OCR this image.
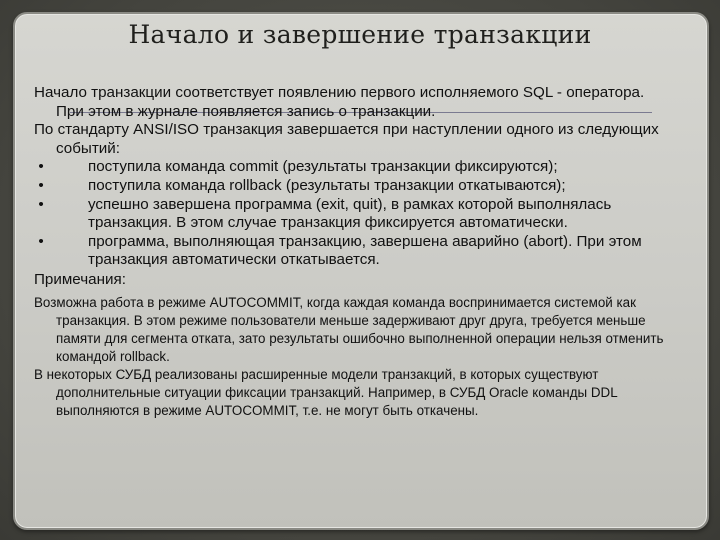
Начало и завершение транзакции

Начало транзакции соответствует появлению первого исполняемого SQL - оператора. При этом в журнале появляется запись о транзакции.

По стандарту ANSI/ISO транзакция завершается при наступлении одного из следующих событий:

•	поступила команда commit (результаты транзакции фиксируются);

•	поступила команда rollback (результаты транзакции откатываются);

•	успешно завершена программа (exit, quit), в рамках которой выполнялась транзакция. В этом случае транзакция фиксируется автоматически.

•	программа, выполняющая транзакцию, завершена аварийно (abort). При этом транзакция автоматически откатывается.

Примечания:

Возможна работа в режиме AUTOCOMMIT, когда каждая команда воспринимается системой как транзакция. В этом режиме пользователи меньше задерживают друг друга, требуется меньше памяти для сегмента отката, зато результаты ошибочно выполненной операции нельзя отменить командой rollback.

В некоторых СУБД реализованы расширенные модели транзакций, в которых существуют дополнительные ситуации фиксации транзакций. Например, в СУБД Oracle команды DDL выполняются в режиме AUTOCOMMIT, т.е. не могут быть откачены.
